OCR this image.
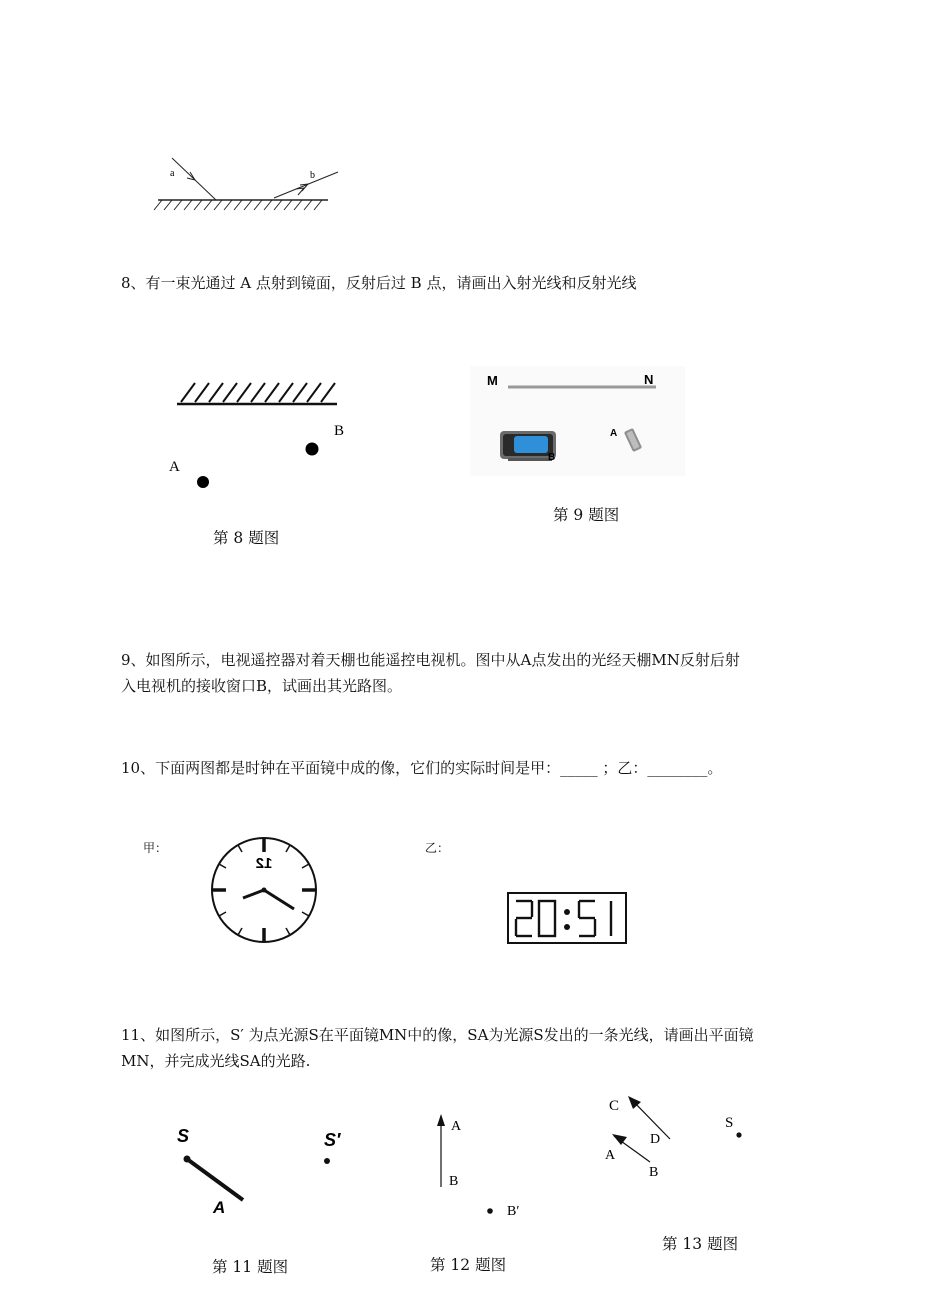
a	b
8、有一束光通过 A 点射到镜面，反射后过 B 点，请画出入射光线和反射光线
B
A
第 8 题图
M	N
B
A
第 9 题图
9、如图所示，电视遥控器对着天棚也能遥控电视机。图中从A点发出的光经天棚MN反射后射
入电视机的接收窗口B，试画出其光路图。
10、下面两图都是时钟在平面镜中成的像，它们的实际时间是甲：_____ ；乙：________。
甲：	乙：
12
11、如图所示，S′ 为点光源S在平面镜MN中的像，SA为光源S发出的一条光线，请画出平面镜
MN，并完成光线SA的光路.
S
A
S′
第 11 题图
A
B
B′
第 12 题图
C
D
A
B
S
第 13 题图
